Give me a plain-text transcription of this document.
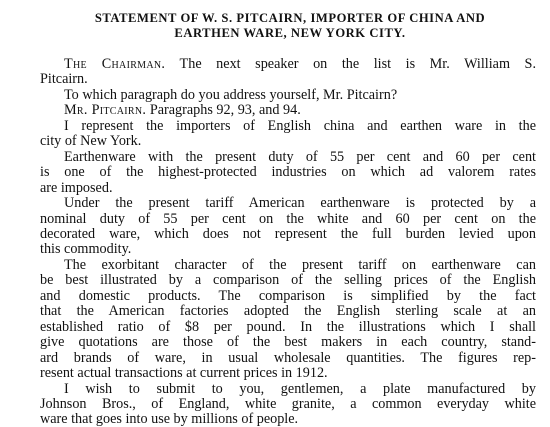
STATEMENT OF W. S. PITCAIRN, IMPORTER OF CHINA AND
EARTHEN WARE, NEW YORK CITY.
The Chairman. The next speaker on the list is Mr. William S.
Pitcairn.
To which paragraph do you address yourself, Mr. Pitcairn?
Mr. Pitcairn. Paragraphs 92, 93, and 94.
I represent the importers of English china and earthen ware in the
city of New York.
Earthenware with the present duty of 55 per cent and 60 per cent
is one of the highest-protected industries on which ad valorem rates
are imposed.
Under the present tariff American earthenware is protected by a
nominal duty of 55 per cent on the white and 60 per cent on the
decorated ware, which does not represent the full burden levied upon
this commodity.
The exorbitant character of the present tariff on earthenware can
be best illustrated by a comparison of the selling prices of the English
and domestic products. The comparison is simplified by the fact
that the American factories adopted the English sterling scale at an
established ratio of $8 per pound. In the illustrations which I shall
give quotations are those of the best makers in each country, stand-
ard brands of ware, in usual wholesale quantities. The figures rep-
resent actual transactions at current prices in 1912.
I wish to submit to you, gentlemen, a plate manufactured by
Johnson Bros., of England, white granite, a common everyday white
ware that goes into use by millions of people.
